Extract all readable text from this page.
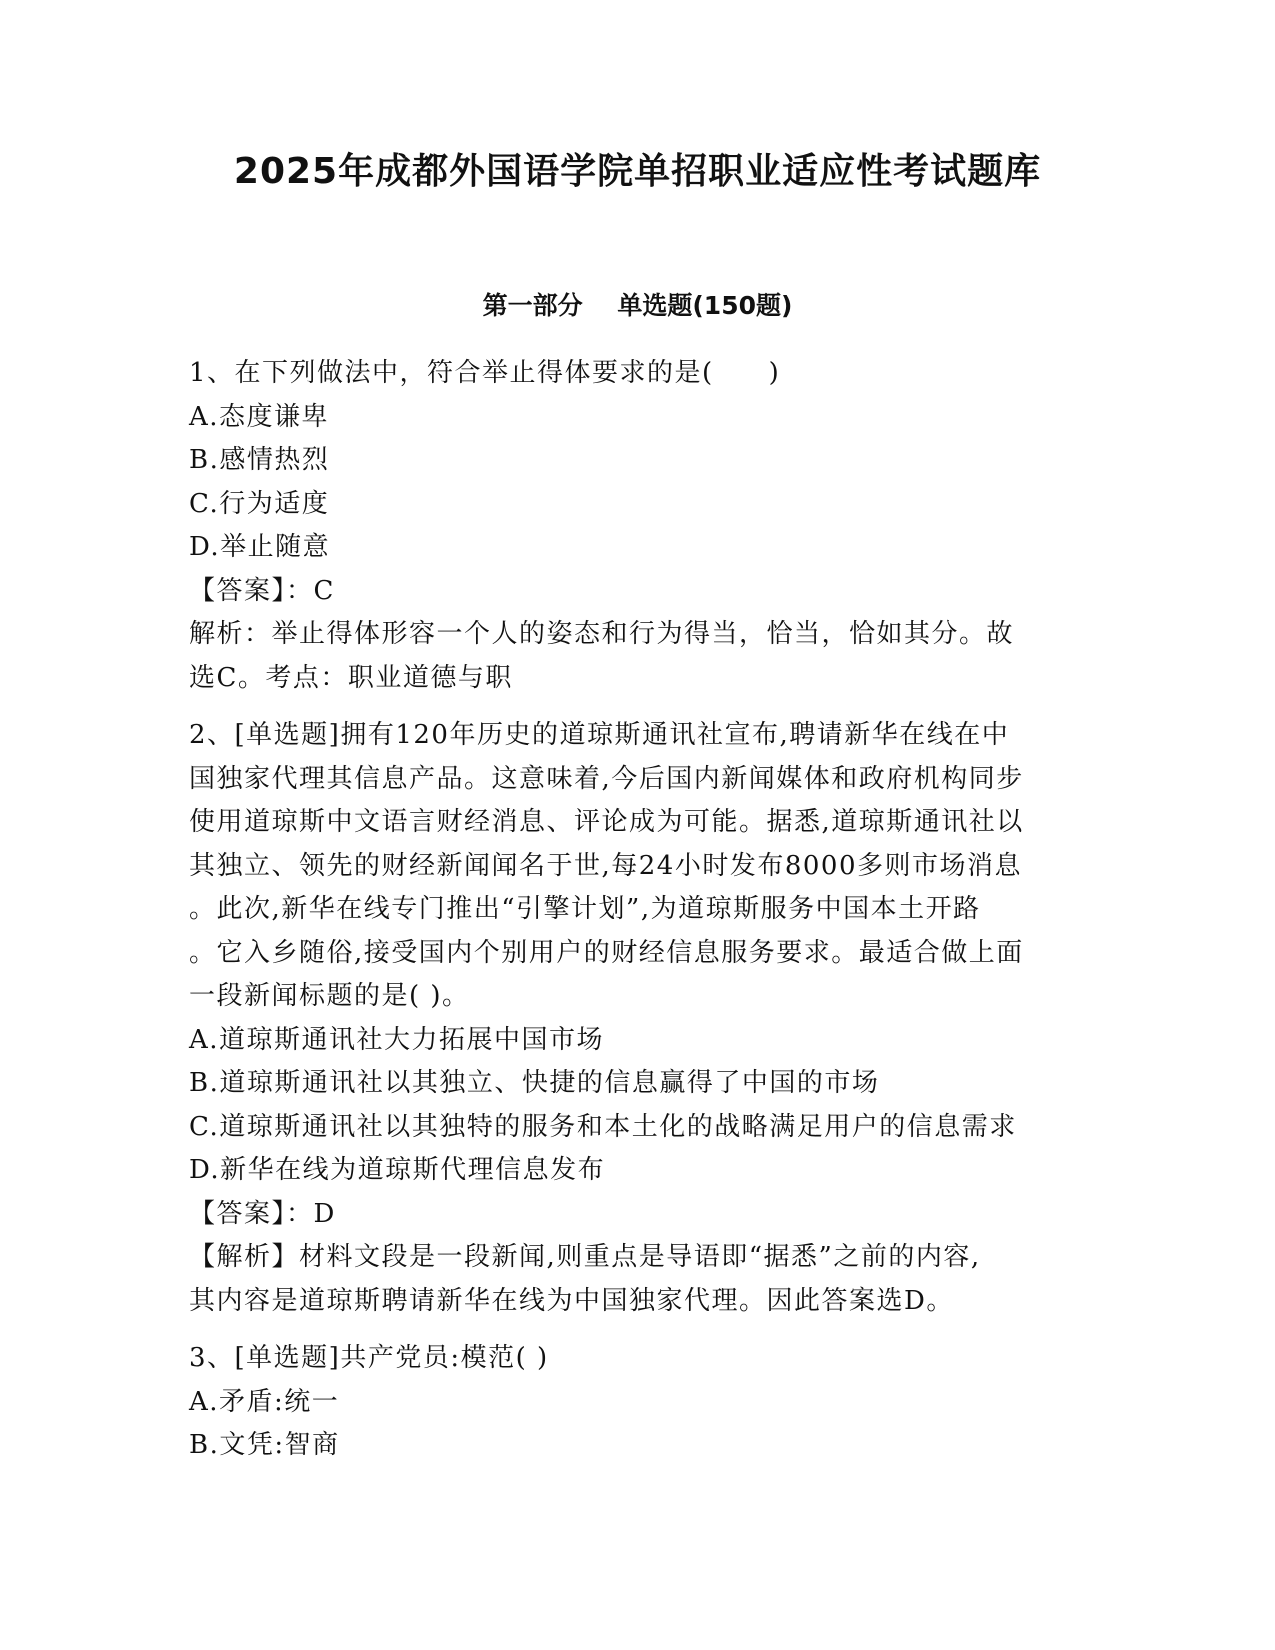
2025年成都外国语学院单招职业适应性考试题库
第一部分    单选题(150题)
1、在下列做法中，符合举止得体要求的是(　　)
A.态度谦卑
B.感情热烈
C.行为适度
D.举止随意
【答案】：C
解析：举止得体形容一个人的姿态和行为得当，恰当，恰如其分。故
选C。考点：职业道德与职
2、[单选题]拥有120年历史的道琼斯通讯社宣布,聘请新华在线在中
国独家代理其信息产品。这意味着,今后国内新闻媒体和政府机构同步
使用道琼斯中文语言财经消息、评论成为可能。据悉,道琼斯通讯社以
其独立、领先的财经新闻闻名于世,每24小时发布8000多则市场消息
。此次,新华在线专门推出“引擎计划”,为道琼斯服务中国本土开路
。它入乡随俗,接受国内个别用户的财经信息服务要求。最适合做上面
一段新闻标题的是( )。
A.道琼斯通讯社大力拓展中国市场
B.道琼斯通讯社以其独立、快捷的信息赢得了中国的市场
C.道琼斯通讯社以其独特的服务和本土化的战略满足用户的信息需求
D.新华在线为道琼斯代理信息发布
【答案】：D
【解析】材料文段是一段新闻,则重点是导语即“据悉”之前的内容,
其内容是道琼斯聘请新华在线为中国独家代理。因此答案选D。
3、[单选题]共产党员:模范( )
A.矛盾:统一
B.文凭:智商
